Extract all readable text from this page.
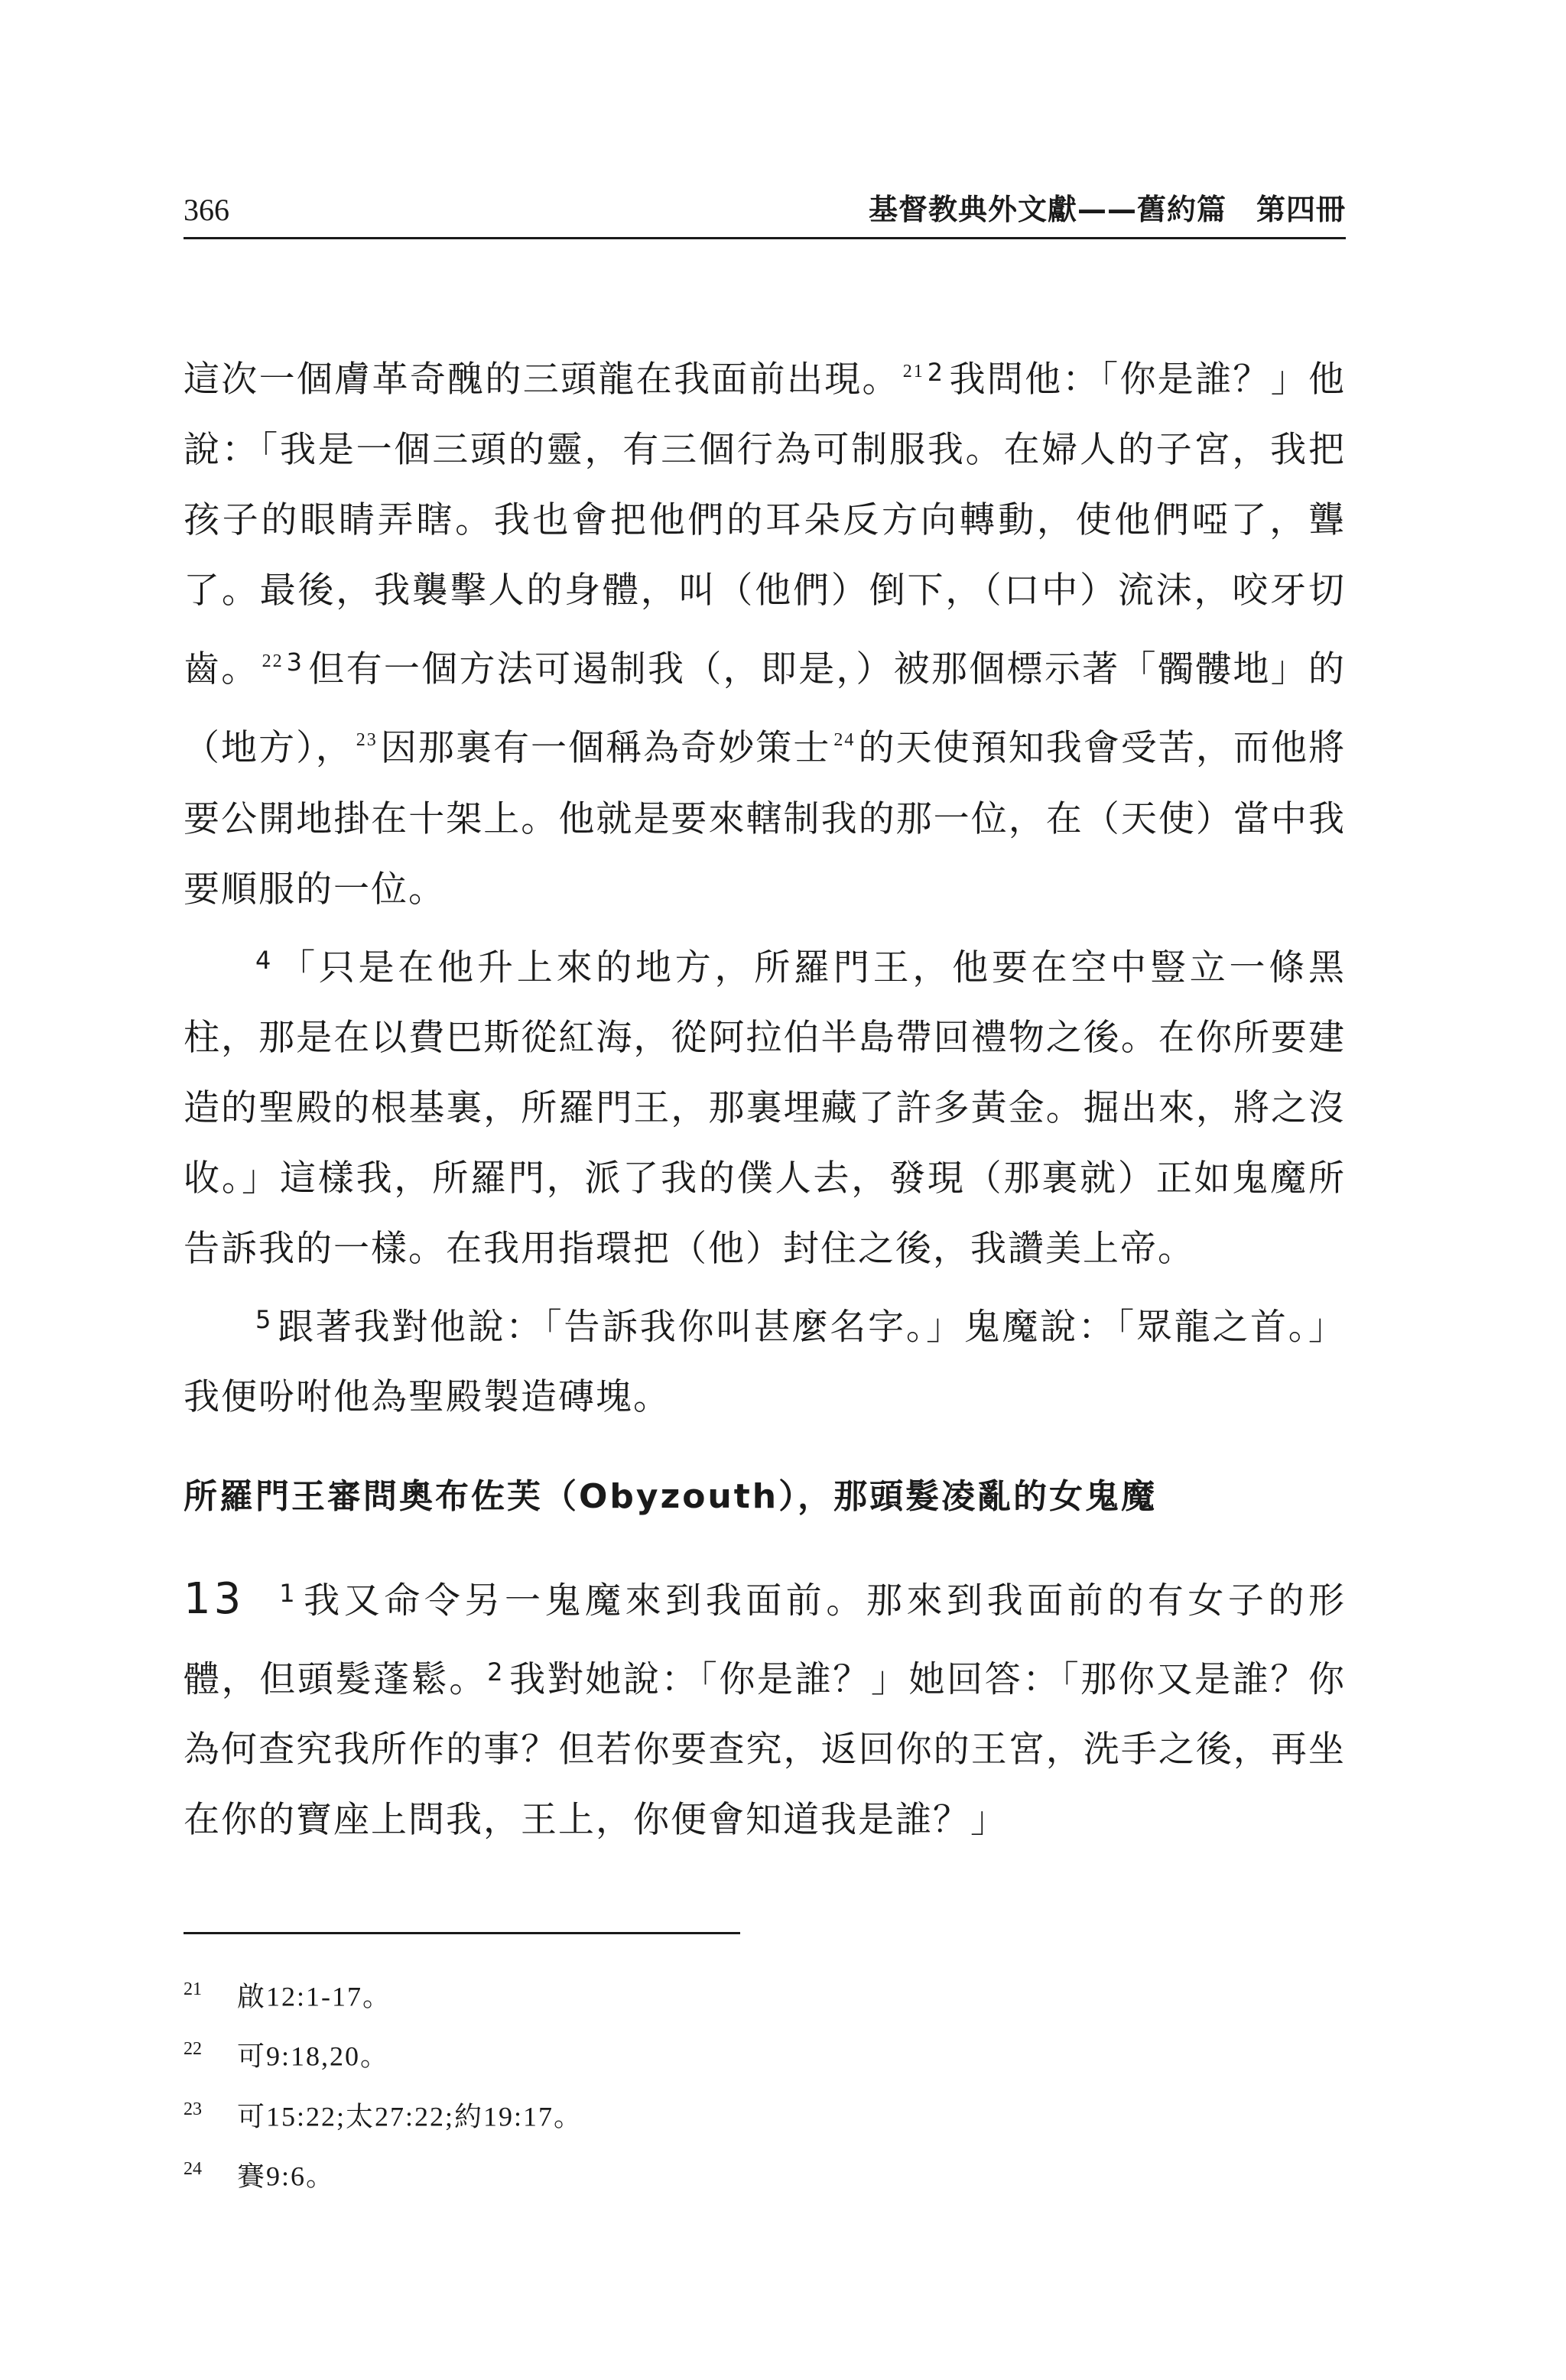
366	基督教典外文獻——舊約篇　第四冊

這次一個膚革奇醜的三頭龍在我面前出現。 $^{21}$ $^2$ 我問他：「你是誰？」他說：「我是一個三頭的靈，有三個行為可制服我。在婦人的子宮，我把孩子的眼睛弄瞎。我也會把他們的耳朵反方向轉動，使他們啞了，聾了。最後，我襲擊人的身體，叫（他們）倒下，（口中）流沫，咬牙切齒。 $^{22}$ $^3$ 但有一個方法可遏制我（，即是，）被那個標示著「髑髏地」的（地方）， $^{23}$因那裏有一個稱為奇妙策士 $^{24}$的天使預知我會受苦，而他將要公開地掛在十架上。他就是要來轄制我的那一位，在（天使）當中我要順服的一位。

$^4$ 「只是在他升上來的地方，所羅門王，他要在空中豎立一條黑柱，那是在以費巴斯從紅海，從阿拉伯半島帶回禮物之後。在你所要建造的聖殿的根基裏，所羅門王，那裏埋藏了許多黃金。掘出來，將之沒收。」這樣我，所羅門，派了我的僕人去，發現（那裏就）正如鬼魔所告訴我的一樣。在我用指環把（他）封住之後，我讚美上帝。

$^5$ 跟著我對他說：「告訴我你叫甚麼名字。」鬼魔說：「眾龍之首。」我便吩咐他為聖殿製造磚塊。

所羅門王審問奧布佐芙（Obyzouth），那頭髮凌亂的女鬼魔

13 $^1$ 我又命令另一鬼魔來到我面前。那來到我面前的有女子的形體，但頭髮蓬鬆。$^2$ 我對她說：「你是誰？」她回答：「那你又是誰？你為何查究我所作的事？但若你要查究，返回你的王宮，洗手之後，再坐在你的寶座上問我，王上，你便會知道我是誰？」

21 啟12:1-17。
22 可9:18,20。
23 可15:22;太27:22;約19:17。
24 賽9:6。
